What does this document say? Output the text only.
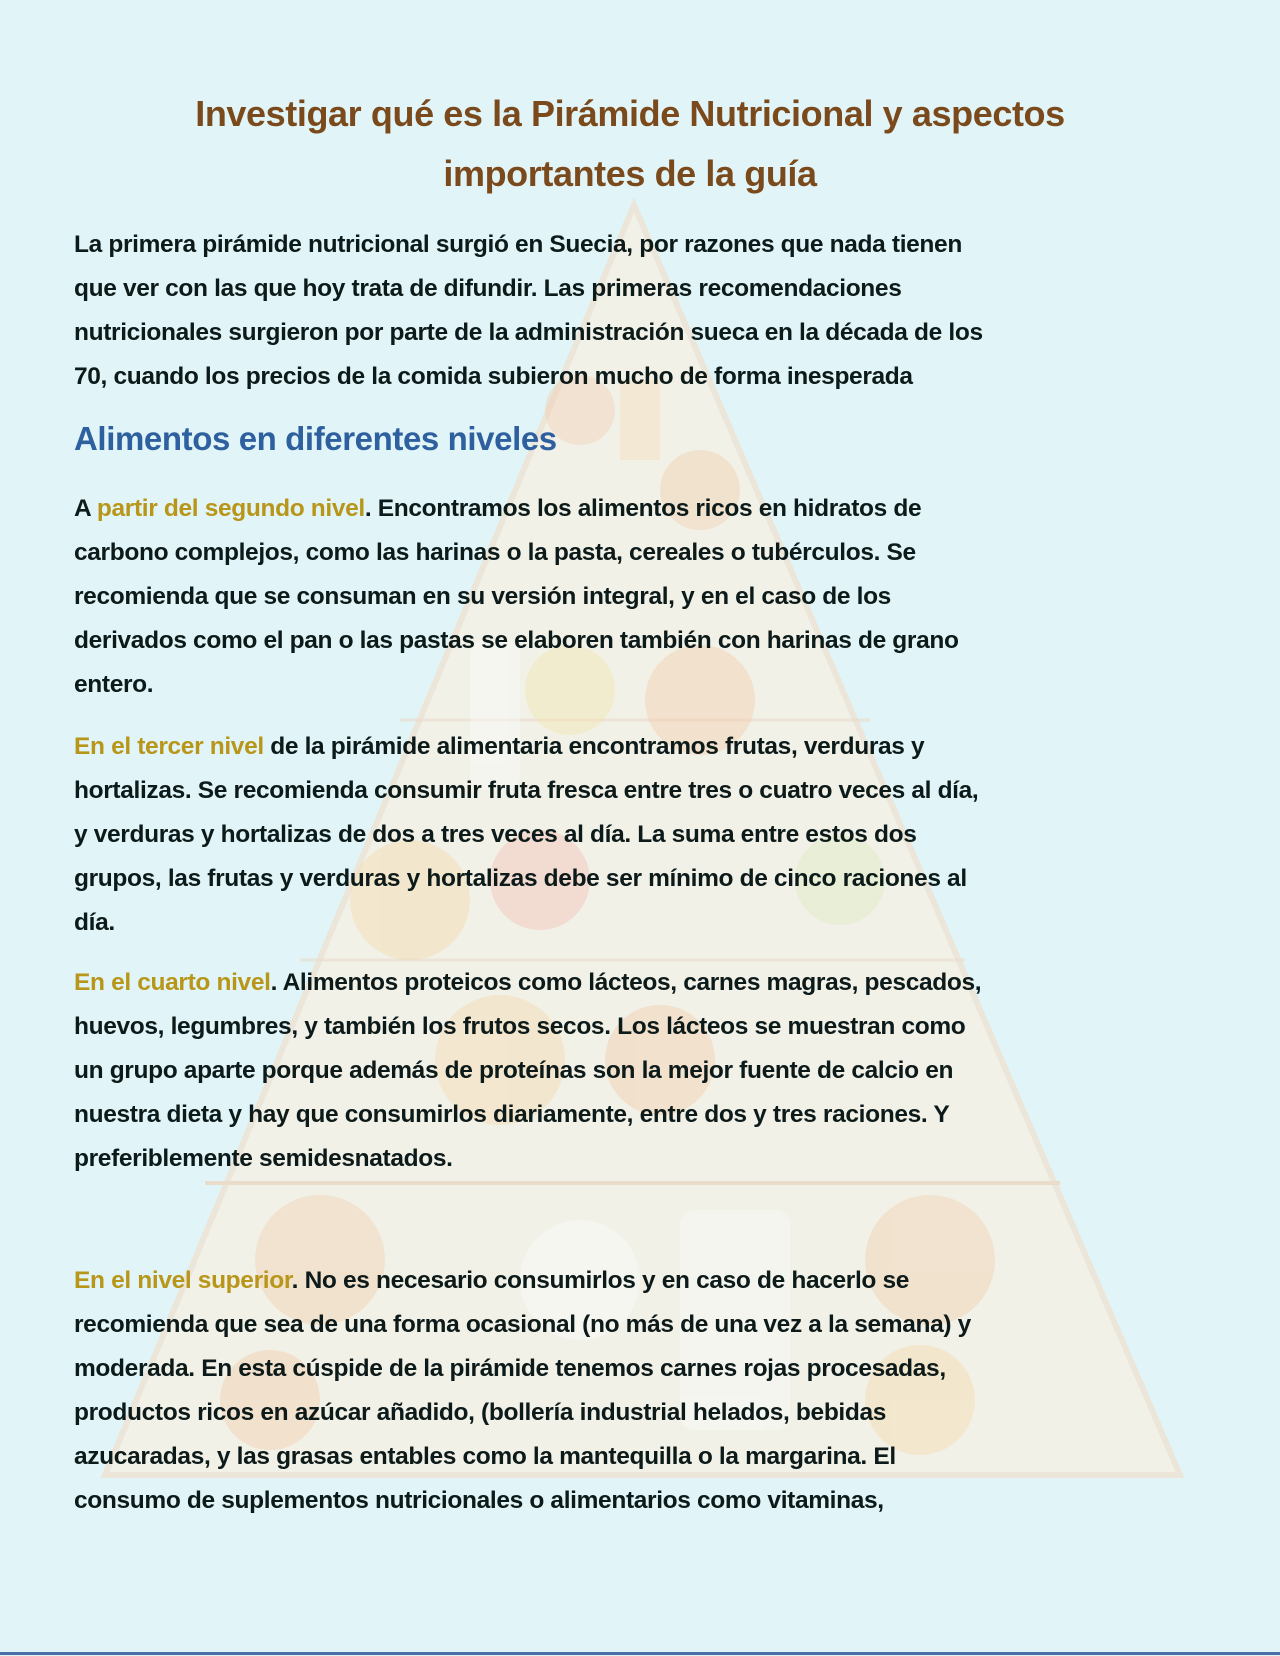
Investigar qué es la Pirámide Nutricional y aspectos
importantes de la guía
La primera pirámide nutricional surgió en Suecia, por razones que nada tienen
que ver con las que hoy trata de difundir. Las primeras recomendaciones
nutricionales surgieron por parte de la administración sueca en la década de los
70, cuando los precios de la comida subieron mucho de forma inesperada
Alimentos en diferentes niveles
A partir del segundo nivel. Encontramos los alimentos ricos en hidratos de
carbono complejos, como las harinas o la pasta, cereales o tubérculos. Se
recomienda que se consuman en su versión integral, y en el caso de los
derivados como el pan o las pastas se elaboren también con harinas de grano
entero.
En el tercer nivel de la pirámide alimentaria encontramos frutas, verduras y
hortalizas. Se recomienda consumir fruta fresca entre tres o cuatro veces al día,
y verduras y hortalizas de dos a tres veces al día. La suma entre estos dos
grupos, las frutas y verduras y hortalizas debe ser mínimo de cinco raciones al
día.
En el cuarto nivel. Alimentos proteicos como lácteos, carnes magras, pescados,
huevos, legumbres, y también los frutos secos. Los lácteos se muestran como
un grupo aparte porque además de proteínas son la mejor fuente de calcio en
nuestra dieta y hay que consumirlos diariamente, entre dos y tres raciones. Y
preferiblemente semidesnatados.
En el nivel superior. No es necesario consumirlos y en caso de hacerlo se
recomienda que sea de una forma ocasional (no más de una vez a la semana) y
moderada. En esta cúspide de la pirámide tenemos carnes rojas procesadas,
productos ricos en azúcar añadido, (bollería industrial helados, bebidas
azucaradas, y las grasas entables como la mantequilla o la margarina. El
consumo de suplementos nutricionales o alimentarios como vitaminas,
